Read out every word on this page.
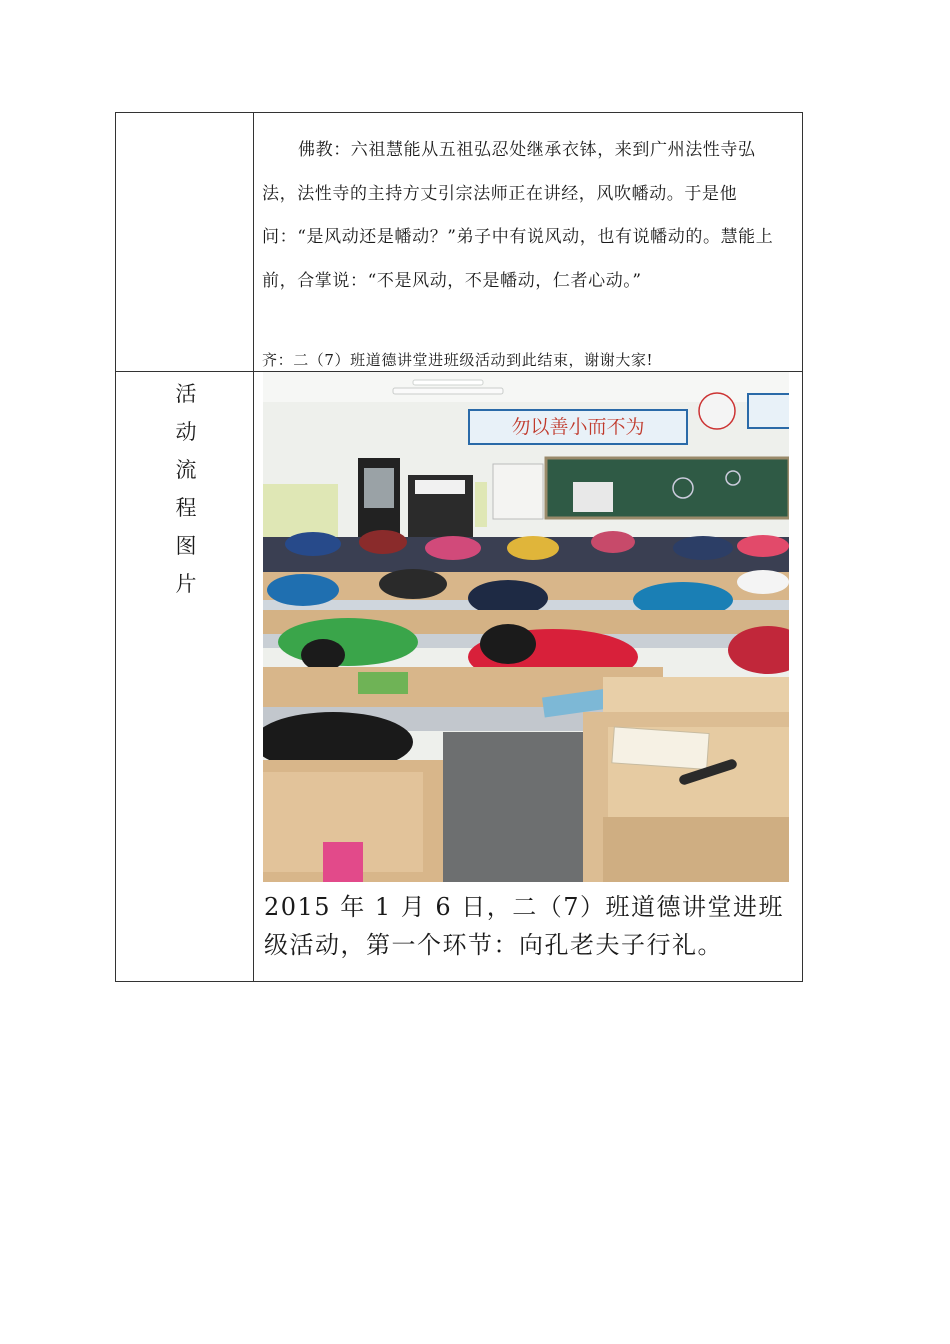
佛教：六祖慧能从五祖弘忍处继承衣钵，来到广州法性寺弘法，法性寺的主持方丈引宗法师正在讲经，风吹幡动。于是他问：“是风动还是幡动？”弟子中有说风动，也有说幡动的。慧能上前，合掌说：“不是风动，不是幡动，仁者心动。”

齐：二（7）班道德讲堂进班级活动到此结束，谢谢大家!
活
动
流
程
图
片
勿以善小而不为
2015 年 1 月 6 日，二（7）班道德讲堂进班级活动，第一个环节：向孔老夫子行礼。
